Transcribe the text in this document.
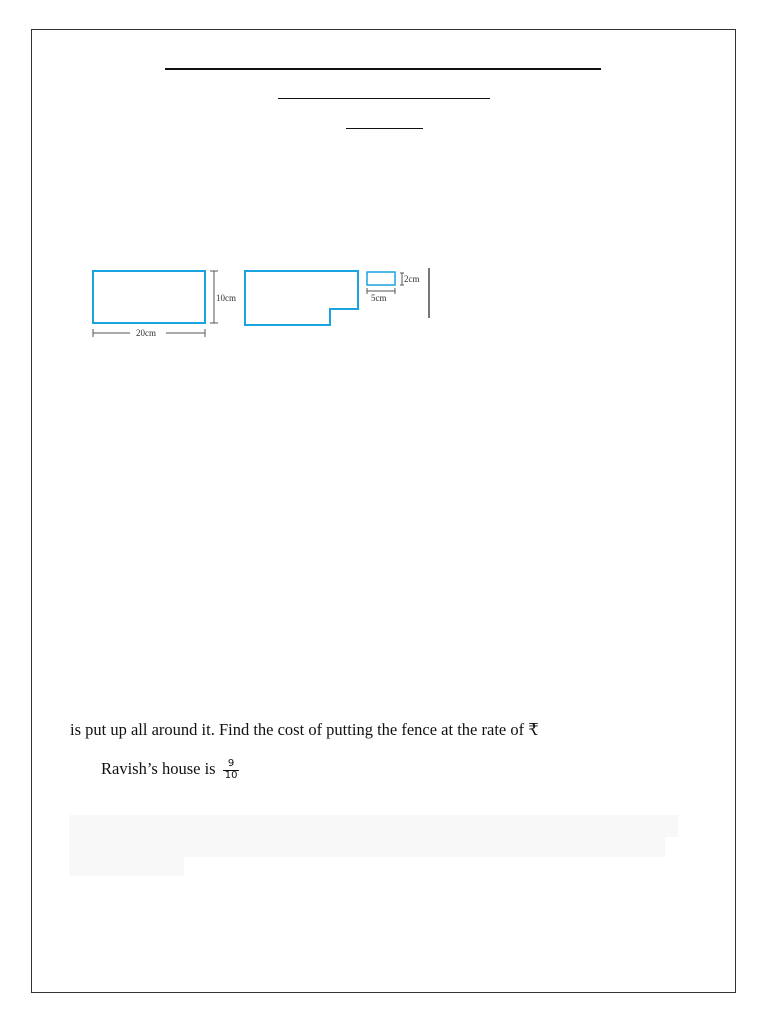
10cm
20cm
2cm
5cm
is put up all around it. Find the cost of putting the fence at the rate of ₹
Ravish’s house is $\frac{9}{10}$
